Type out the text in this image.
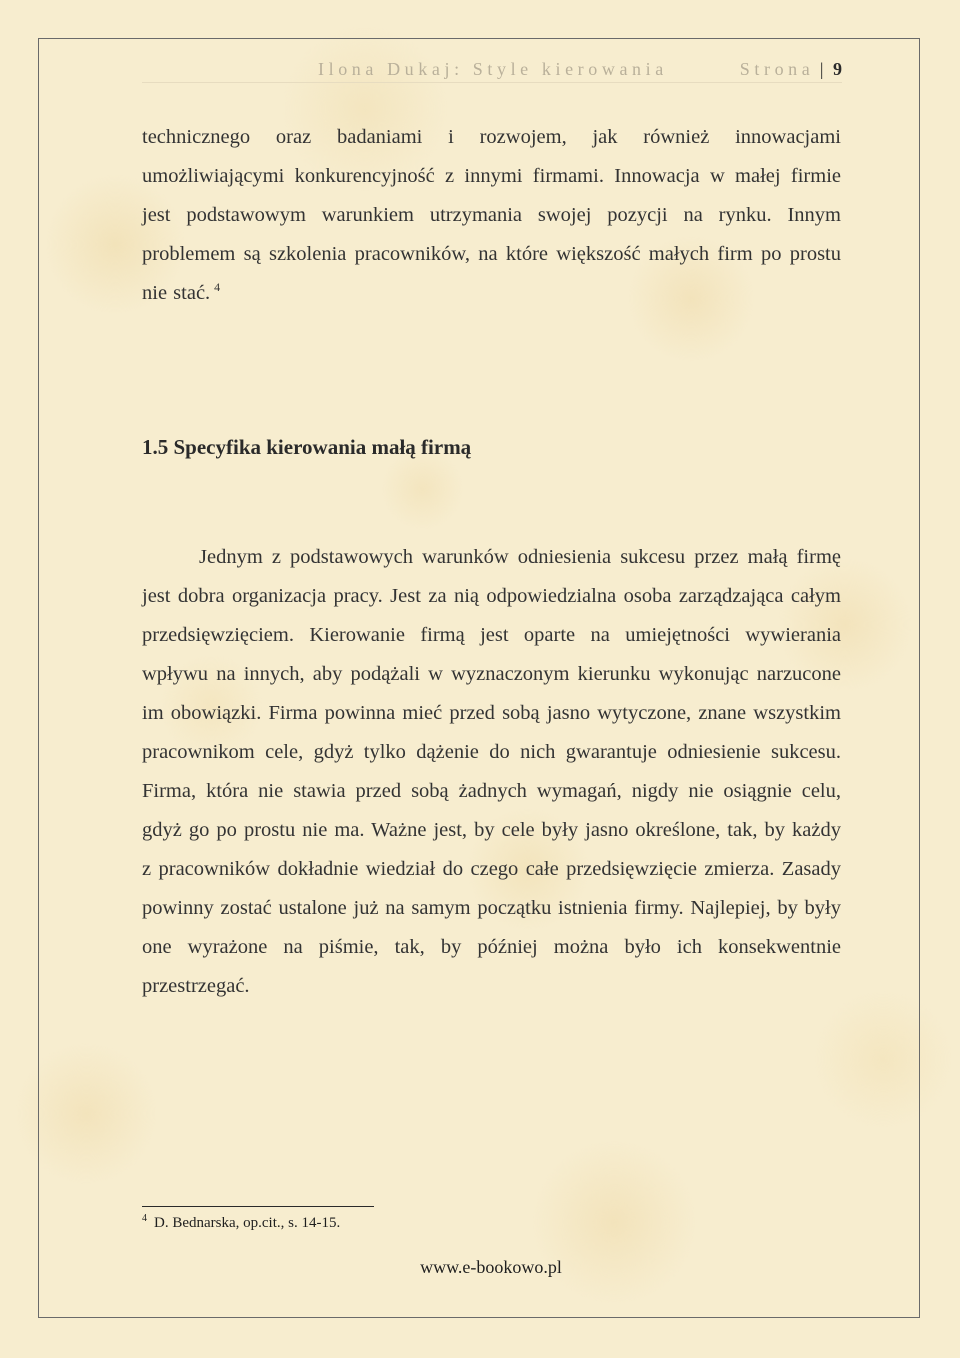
Ilona Dukaj: Style kierowania	Strona | 9

technicznego oraz badaniami i rozwojem, jak również innowacjami umożliwiającymi konkurencyjność z innymi firmami. Innowacja w małej firmie jest podstawowym warunkiem utrzymania swojej pozycji na rynku. Innym problemem są szkolenia pracowników, na które większość małych firm po prostu nie stać. $^4$

1.5 Specyfika kierowania małą firmą

Jednym z podstawowych warunków odniesienia sukcesu przez małą firmę jest dobra organizacja pracy. Jest za nią odpowiedzialna osoba zarządzająca całym przedsięwzięciem. Kierowanie firmą jest oparte na umiejętności wywierania wpływu na innych, aby podążali w wyznaczonym kierunku wykonując narzucone im obowiązki. Firma powinna mieć przed sobą jasno wytyczone, znane wszystkim pracownikom cele, gdyż tylko dążenie do nich gwarantuje odniesienie sukcesu. Firma, która nie stawia przed sobą żadnych wymagań, nigdy nie osiągnie celu, gdyż go po prostu nie ma. Ważne jest, by cele były jasno określone, tak, by każdy z pracowników dokładnie wiedział do czego całe przedsięwzięcie zmierza. Zasady powinny zostać ustalone już na samym początku istnienia firmy. Najlepiej, by były one wyrażone na piśmie, tak, by później można było ich konsekwentnie przestrzegać.

$^4$ D. Bednarska, op.cit., s. 14-15.
www.e-bookowo.pl
